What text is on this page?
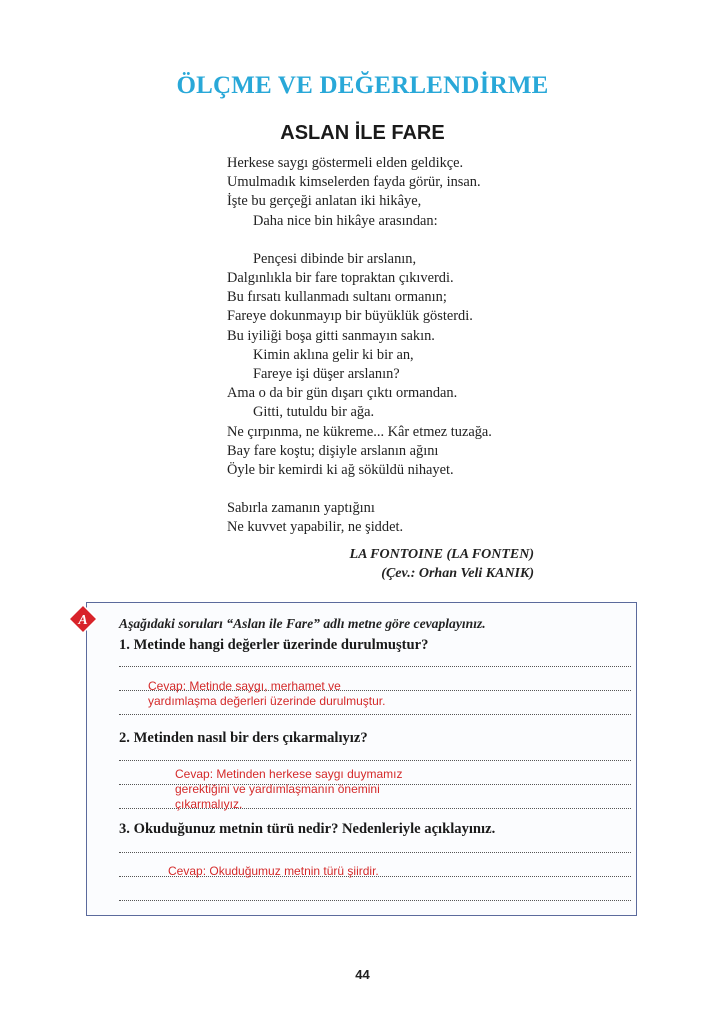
ÖLÇME VE DEĞERLENDİRME
ASLAN İLE FARE
Herkese saygı göstermeli elden geldikçe.
Umulmadık kimselerden fayda görür, insan.
İşte bu gerçeği anlatan iki hikâye,
Daha nice bin hikâye arasından:
Pençesi dibinde bir arslanın,
Dalgınlıkla bir fare topraktan çıkıverdi.
Bu fırsatı kullanmadı sultanı ormanın;
Fareye dokunmayıp bir büyüklük gösterdi.
Bu iyiliği boşa gitti sanmayın sakın.
Kimin aklına gelir ki bir an,
Fareye işi düşer arslanın?
Ama o da bir gün dışarı çıktı ormandan.
Gitti, tutuldu bir ağa.
Ne çırpınma, ne kükreme... Kâr etmez tuzağa.
Bay fare koştu; dişiyle arslanın ağını
Öyle bir kemirdi ki ağ söküldü nihayet.
Sabırla zamanın yaptığını
Ne kuvvet yapabilir, ne şiddet.
LA FONTOINE (LA FONTEN)
(Çev.: Orhan Veli KANIK)
A Aşağıdaki soruları “Aslan ile Fare” adlı metne göre cevaplayınız.
1. Metinde hangi değerler üzerinde durulmuştur?
Cevap: Metinde saygı, merhamet ve
yardımlaşma değerleri üzerinde durulmuştur.
2. Metinden nasıl bir ders çıkarmalıyız?
Cevap: Metinden herkese saygı duymamız
gerektiğini ve yardımlaşmanın önemini
çıkarmalıyız.
3. Okuduğunuz metnin türü nedir? Nedenleriyle açıklayınız.
Cevap: Okuduğumuz metnin türü şiirdir.
44
